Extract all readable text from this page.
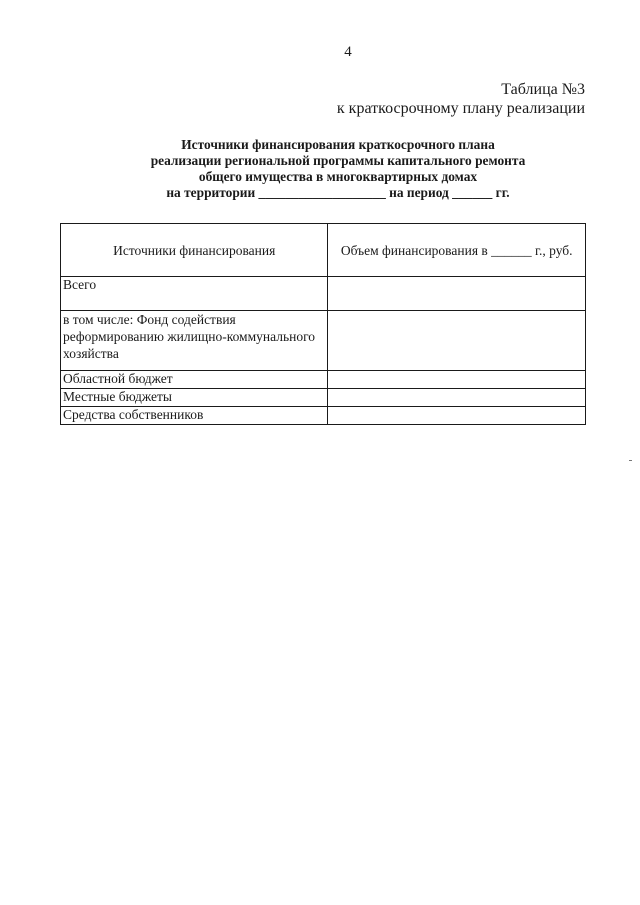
4
Таблица №3
к краткосрочному плану реализации
Источники финансирования краткосрочного плана
реализации региональной программы капитального ремонта
общего имущества в многоквартирных домах
на территории ___________________ на период ______ гг.
Источники финансирования	Объем финансирования в ______ г., руб.
Всего	
в том числе: Фонд содействия реформированию жилищно-коммунального хозяйства	
Областной бюджет	
Местные бюджеты	
Средства собственников	
